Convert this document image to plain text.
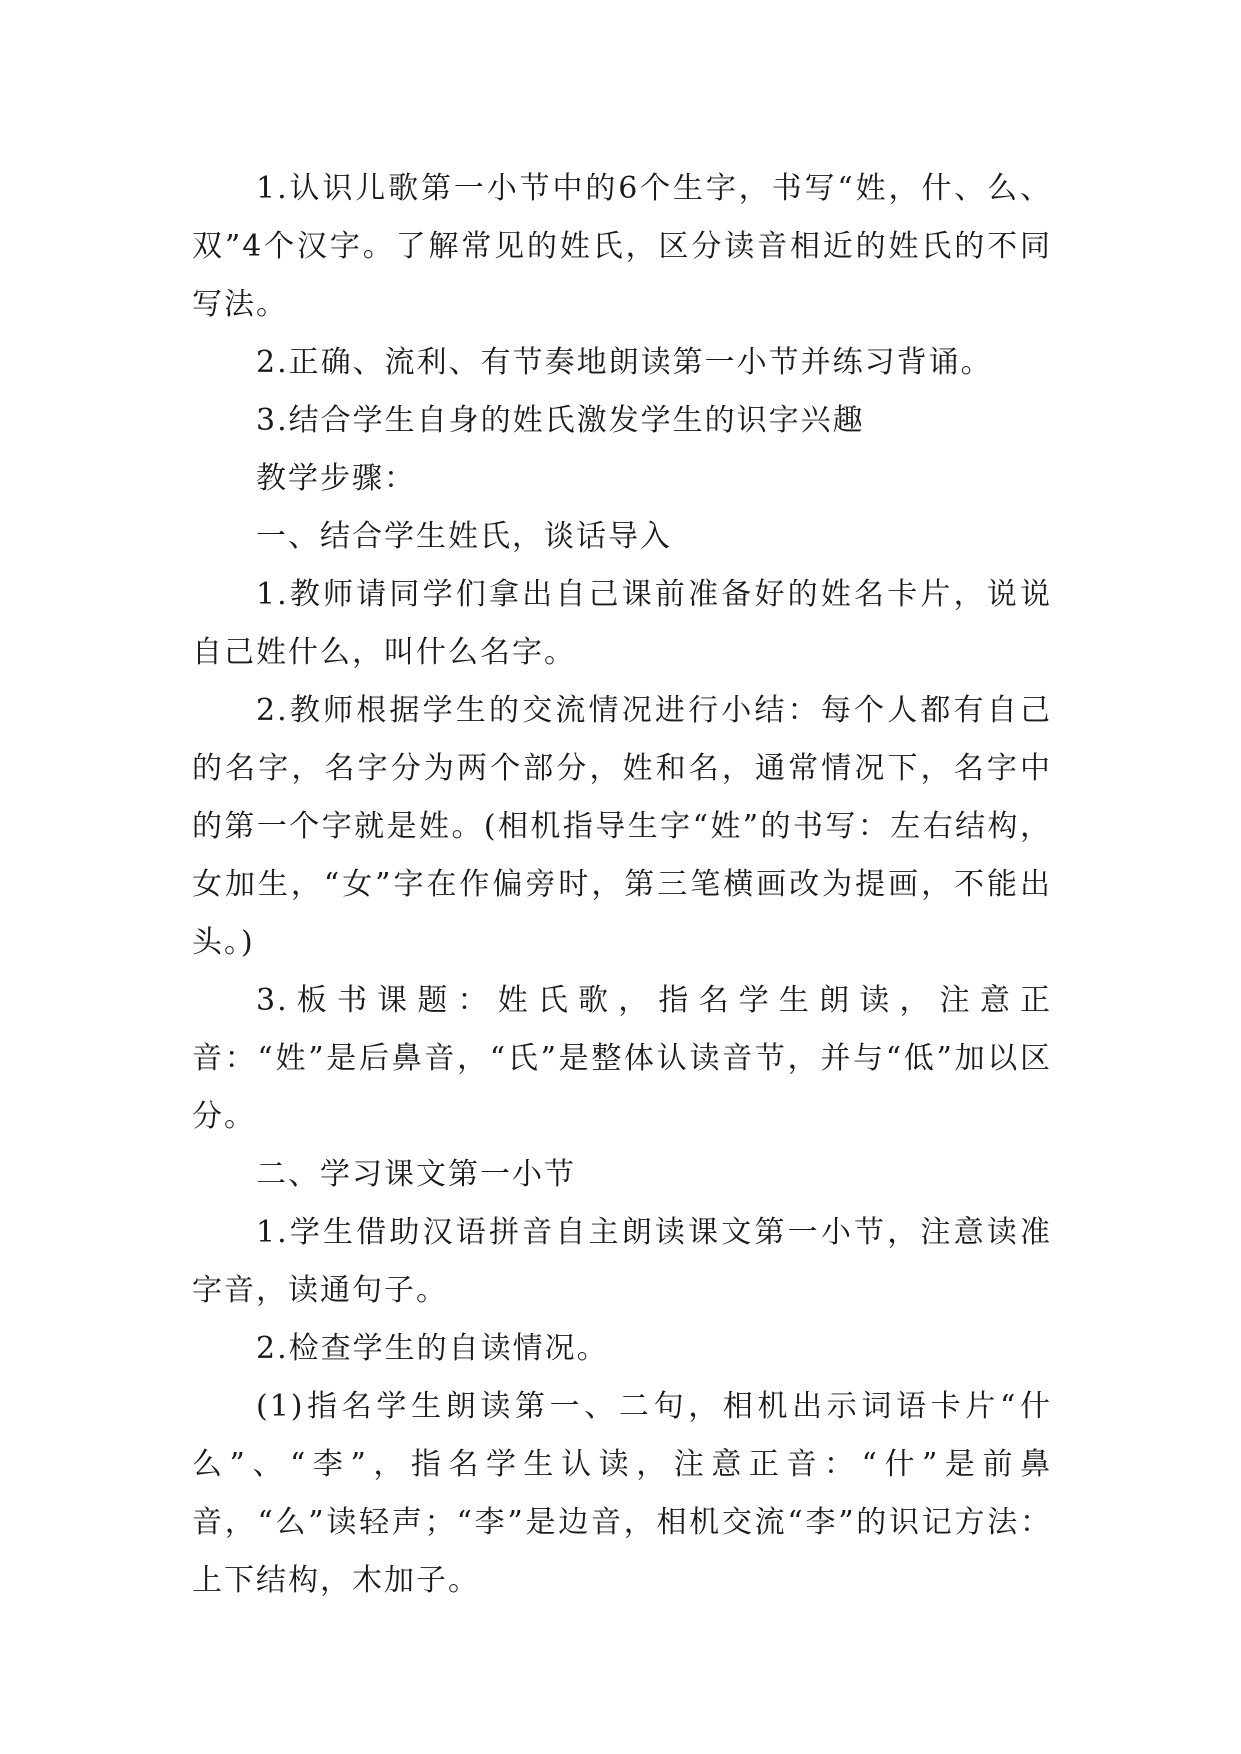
1.认识儿歌第一小节中的6个生字，书写“姓，什、么、双”4个汉字。了解常见的姓氏，区分读音相近的姓氏的不同写法。

2.正确、流利、有节奏地朗读第一小节并练习背诵。

3.结合学生自身的姓氏激发学生的识字兴趣

教学步骤：

一、结合学生姓氏，谈话导入

1.教师请同学们拿出自己课前准备好的姓名卡片，说说自己姓什么，叫什么名字。

2.教师根据学生的交流情况进行小结：每个人都有自己的名字，名字分为两个部分，姓和名，通常情况下，名字中的第一个字就是姓。(相机指导生字“姓”的书写：左右结构，女加生，“女”字在作偏旁时，第三笔横画改为提画，不能出头。)

3.板书课题：姓氏歌，指名学生朗读，注意正音：“姓”是后鼻音，“氏”是整体认读音节，并与“低”加以区分。

二、学习课文第一小节

1.学生借助汉语拼音自主朗读课文第一小节，注意读准字音，读通句子。

2.检查学生的自读情况。

(1)指名学生朗读第一、二句，相机出示词语卡片“什么”、“李”，指名学生认读，注意正音：“什”是前鼻音，“么”读轻声；“李”是边音，相机交流“李”的识记方法：上下结构，木加子。
